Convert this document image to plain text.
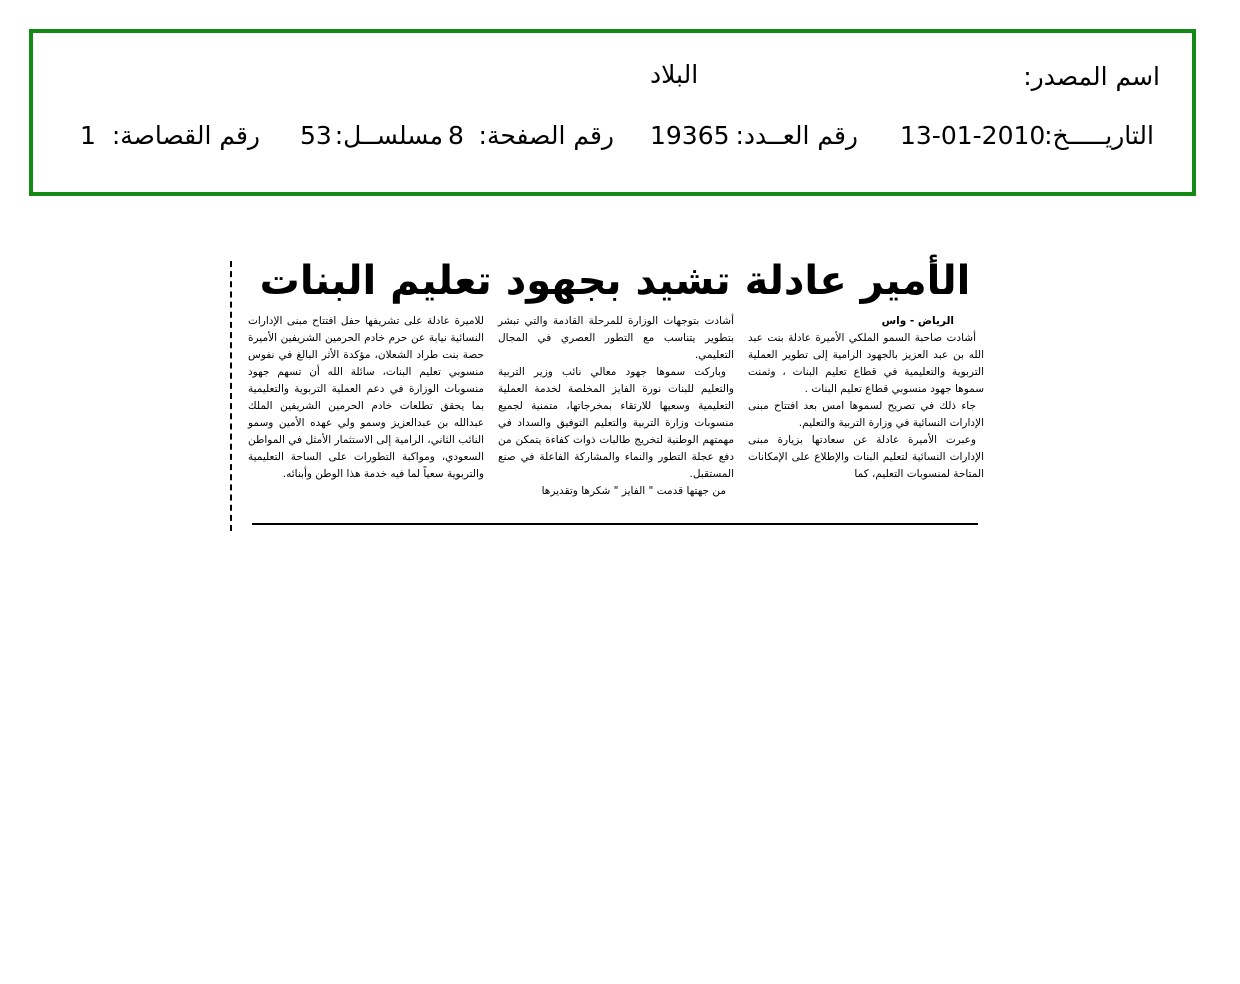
اسم المصدر:
البلاد
التاريـــــخ:
13-01-2010
رقم العــدد:
19365
رقم الصفحة:
8
مسلســل:
53
رقم القصاصة:
1
الأمير عادلة تشيد بجهود تعليم البنات

الرياض - واس

أشادت صاحبة السمو الملكي الأميرة عادلة بنت عبد الله بن عبد العزيز بالجهود الرامية إلى تطوير العملية التربوية والتعليمية في قطاع تعليم البنات ، وثمنت سموها جهود منسوبي قطاع تعليم البنات .

جاء ذلك في تصريح لسموها امس بعد افتتاح مبنى الإدارات النسائية في وزارة التربية والتعليم.

وعبرت الأميرة عادلة عن سعادتها بزيارة مبنى الإدارات النسائية لتعليم البنات والإطلاع على الإمكانات المتاحة لمنسوبات التعليم، كما

أشادت بتوجهات الوزارة للمرحلة القادمة والتي تبشر بتطوير يتناسب مع التطور العصري في المجال التعليمي.

وباركت سموها جهود معالي نائب وزير التربية والتعليم للبنات نورة الفايز المخلصة لخدمة العملية التعليمية وسعيها للارتقاء بمخرجاتها، متمنية لجميع منسوبات وزارة التربية والتعليم التوفيق والسداد في مهمتهم الوطنية لتخريج طالبات ذوات كفاءة يتمكن من دفع عجلة التطور والنماء والمشاركة الفاعلة في صنع المستقبل.

من جهتها قدمت " الفايز " شكرها وتقديرها

للاميرة عادلة على تشريفها حفل افتتاح مبنى الإدارات النسائية نيابة عن حرم خادم الحرمين الشريفين الأميرة حصة بنت طراد الشعلان، مؤكدة الأثر البالغ في نفوس منسوبي تعليم البنات، سائلة الله أن تسهم جهود منسوبات الوزارة في دعم العملية التربوية والتعليمية بما يحقق تطلعات خادم الحرمين الشريفين الملك عبدالله بن عبدالعزيز وسمو ولي عهده الأمين وسمو النائب الثاني، الرامية إلى الاستثمار الأمثل في المواطن السعودي، ومواكبة التطورات على الساحة التعليمية والتربوية سعياً لما فيه خدمة هذا الوطن وأبنائه.
